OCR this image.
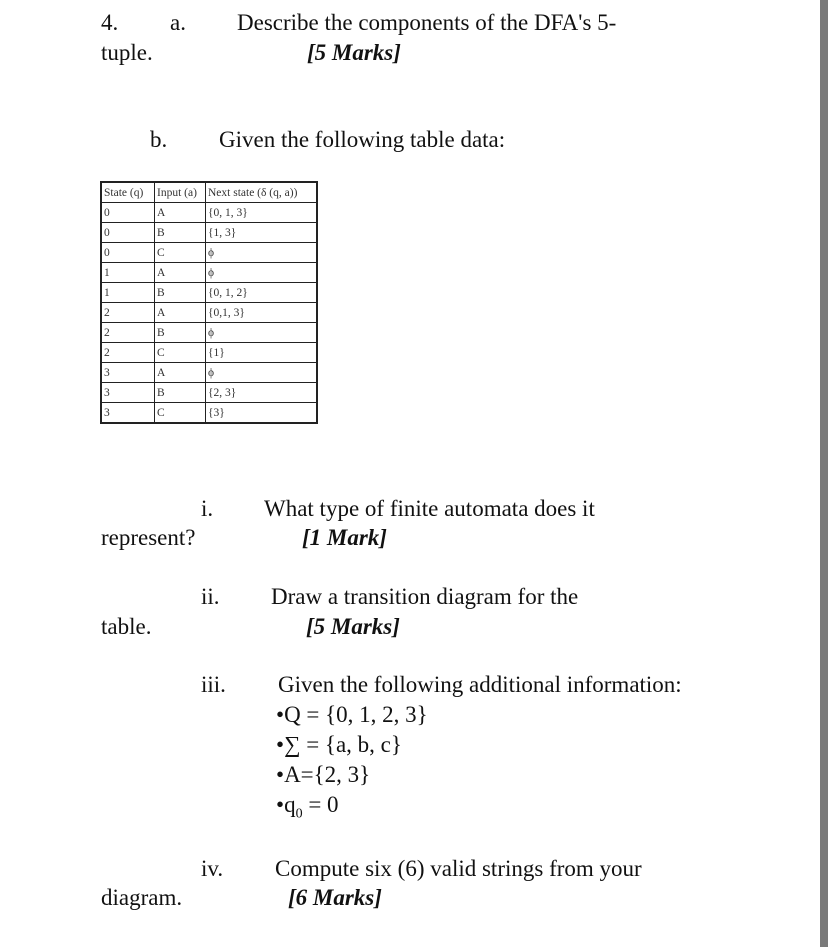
4. a. Describe the components of the DFA's 5-
tuple.	[5 Marks]
b. Given the following table data:
State (q)	Input (a)	Next state (δ (q, a))
0	A	{0, 1, 3}
0	B	{1, 3}
0	C	ϕ
1	A	ϕ
1	B	{0, 1, 2}
2	A	{0,1, 3}
2	B	ϕ
2	C	{1}
3	A	ϕ
3	B	{2, 3}
3	C	{3}
i. What type of finite automata does it
represent?	[1 Mark]
ii. Draw a transition diagram for the
table.	[5 Marks]
iii. Given the following additional information:
•Q = {0, 1, 2, 3}
•∑ = {a, b, c}
•A={2, 3}
$•q_0 = 0$
iv. Compute six (6) valid strings from your
diagram.	[6 Marks]
